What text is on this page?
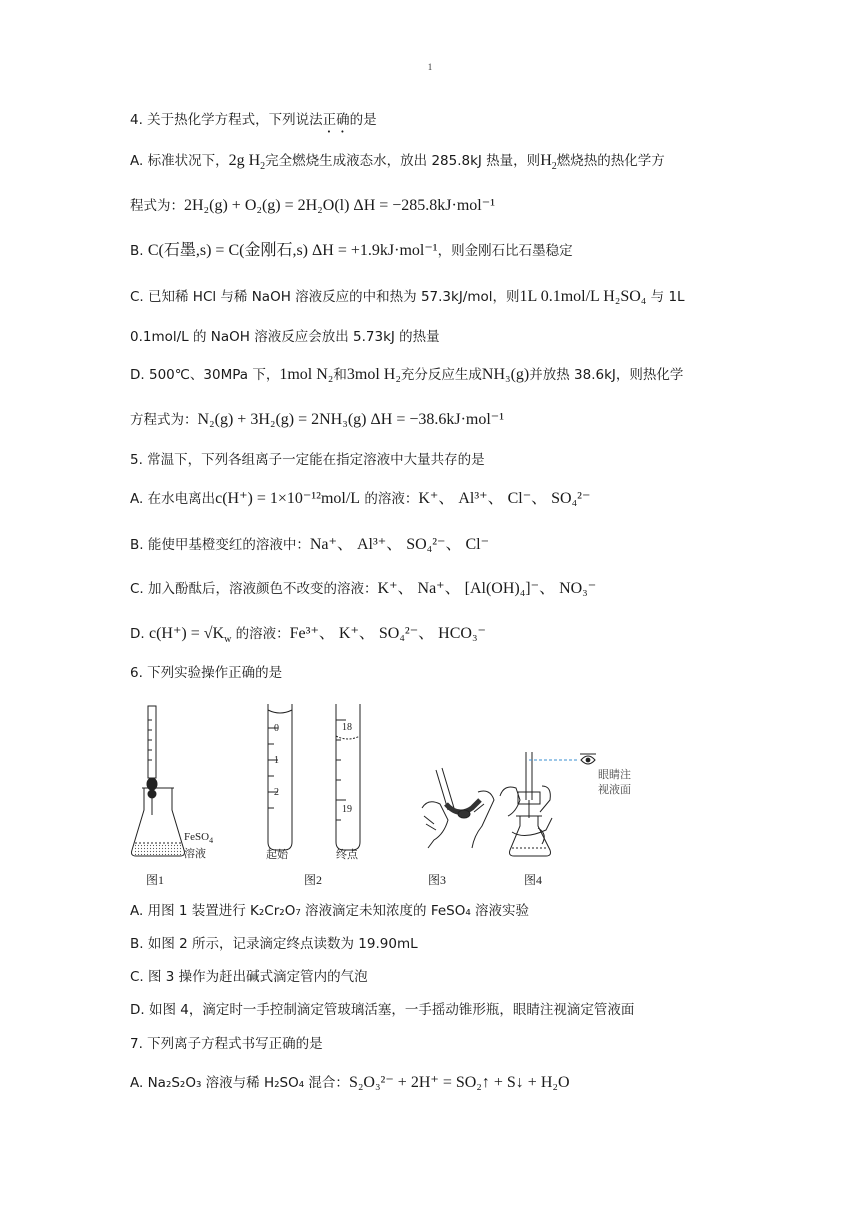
1
4. 关于热化学方程式，下列说法正确的是
A. 标准状况下，2g $H_2$完全燃烧生成液态水，放出 285.8kJ 热量，则$H_2$燃烧热的热化学方
程式为：2H₂(g) + O₂(g) = 2H₂O(l) ΔH = −285.8kJ·mol⁻¹
B. C(石墨,s) = C(金刚石,s) ΔH = +1.9kJ·mol⁻¹，则金刚石比石墨稳定
C. 已知稀 HCl 与稀 NaOH 溶液反应的中和热为 57.3kJ/mol，则1L 0.1mol/L H₂SO₄ 与 1L
0.1mol/L 的 NaOH 溶液反应会放出 5.73kJ 的热量
D. 500℃、30MPa 下，1mol N₂和3mol H₂充分反应生成NH₃(g)并放热 38.6kJ，则热化学
方程式为：N₂(g) + 3H₂(g) = 2NH₃(g) ΔH = −38.6kJ·mol⁻¹
5. 常温下，下列各组离子一定能在指定溶液中大量共存的是
A. 在水电离出c(H⁺) = 1×10⁻¹²mol/L 的溶液：K⁺、 Al³⁺、 Cl⁻、 SO₄²⁻
B. 能使甲基橙变红的溶液中：Na⁺、 Al³⁺、 SO₄²⁻、 Cl⁻
C. 加入酚酞后，溶液颜色不改变的溶液：K⁺、 Na⁺、 [Al(OH)₄]⁻、 NO₃⁻
D. $c(H^+) = √K_w$ 的溶液：Fe³⁺、 K⁺、 SO₄²⁻、 HCO₃⁻
6. 下列实验操作正确的是
FeSO$_4$
溶液
图1
0
1
2
18
19
起始	终点
图2	图3
眼睛注
视液面
图4
A. 用图 1 装置进行 K₂Cr₂O₇ 溶液滴定未知浓度的 FeSO₄ 溶液实验
B. 如图 2 所示，记录滴定终点读数为 19.90mL
C. 图 3 操作为赶出碱式滴定管内的气泡
D. 如图 4，滴定时一手控制滴定管玻璃活塞，一手摇动锥形瓶，眼睛注视滴定管液面
7. 下列离子方程式书写正确的是
A. Na₂S₂O₃ 溶液与稀 H₂SO₄ 混合：S₂O₃²⁻ + 2H⁺ = SO₂↑ + S↓ + H₂O
